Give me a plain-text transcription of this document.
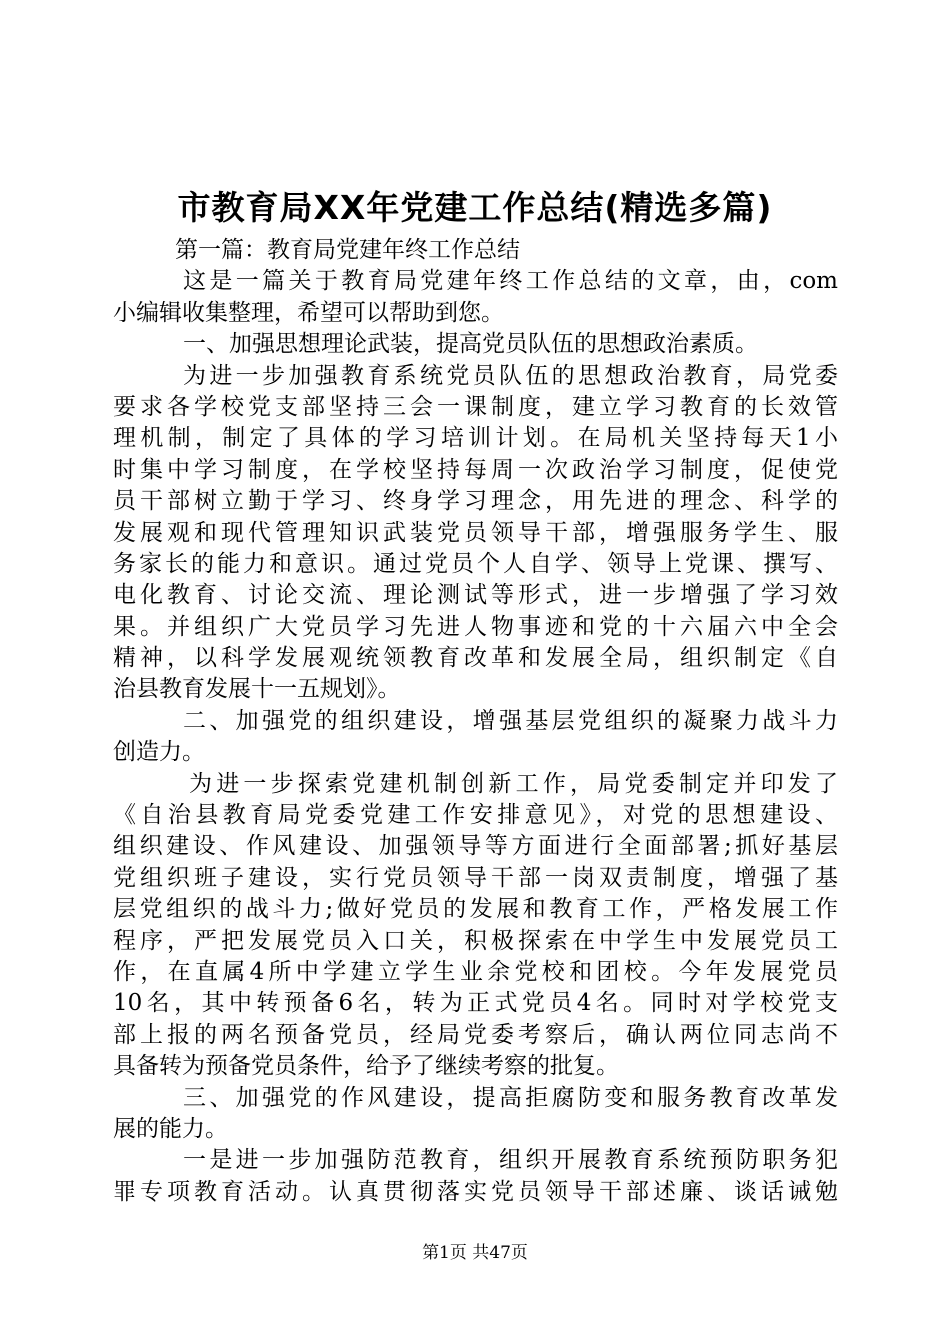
市教育局XX年党建工作总结(精选多篇)
第一篇：教育局党建年终工作总结
这是一篇关于教育局党建年终工作总结的文章，由，com
小编辑收集整理，希望可以帮助到您。
一、加强思想理论武装，提高党员队伍的思想政治素质。
为进一步加强教育系统党员队伍的思想政治教育，局党委
要求各学校党支部坚持三会一课制度，建立学习教育的长效管
理机制，制定了具体的学习培训计划。在局机关坚持每天1小
时集中学习制度，在学校坚持每周一次政治学习制度，促使党
员干部树立勤于学习、终身学习理念，用先进的理念、科学的
发展观和现代管理知识武装党员领导干部，增强服务学生、服
务家长的能力和意识。通过党员个人自学、领导上党课、撰写、
电化教育、讨论交流、理论测试等形式，进一步增强了学习效
果。并组织广大党员学习先进人物事迹和党的十六届六中全会
精神，以科学发展观统领教育改革和发展全局，组织制定《自
治县教育发展十一五规划》。
二、加强党的组织建设，增强基层党组织的凝聚力战斗力
创造力。
为进一步探索党建机制创新工作，局党委制定并印发了
《自治县教育局党委党建工作安排意见》，对党的思想建设、
组织建设、作风建设、加强领导等方面进行全面部署;抓好基层
党组织班子建设，实行党员领导干部一岗双责制度，增强了基
层党组织的战斗力;做好党员的发展和教育工作，严格发展工作
程序，严把发展党员入口关，积极探索在中学生中发展党员工
作，在直属4所中学建立学生业余党校和团校。今年发展党员
10名，其中转预备6名，转为正式党员4名。同时对学校党支
部上报的两名预备党员，经局党委考察后，确认两位同志尚不
具备转为预备党员条件，给予了继续考察的批复。
三、加强党的作风建设，提高拒腐防变和服务教育改革发
展的能力。
一是进一步加强防范教育，组织开展教育系统预防职务犯
罪专项教育活动。认真贯彻落实党员领导干部述廉、谈话诫勉
第1页 共47页
